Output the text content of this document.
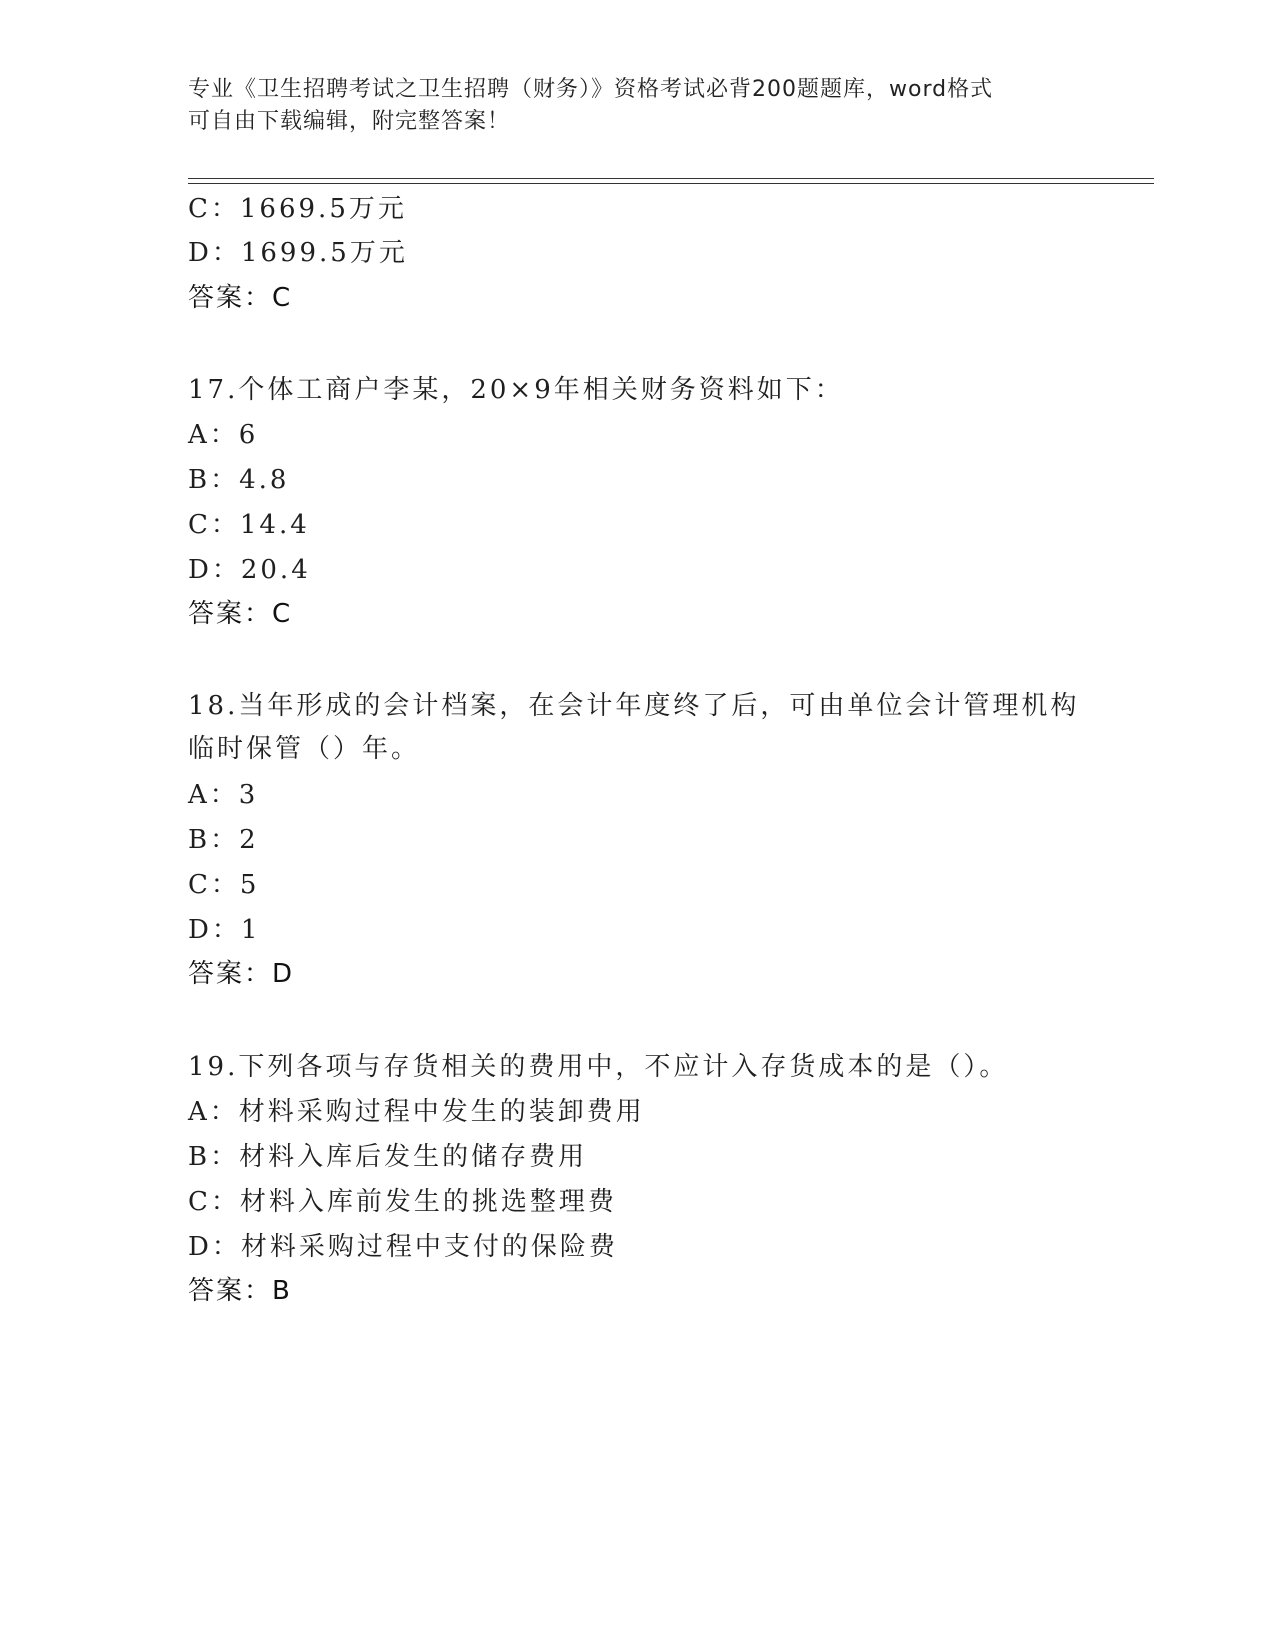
专业《卫生招聘考试之卫生招聘（财务）》资格考试必背200题题库，word格式
可自由下载编辑，附完整答案！
C：1669.5万元
D：1699.5万元
答案：C
17.个体工商户李某，20×9年相关财务资料如下：
A：6
B：4.8
C：14.4
D：20.4
答案：C
18.当年形成的会计档案，在会计年度终了后，可由单位会计管理机构
临时保管（）年。
A：3
B：2
C：5
D：1
答案：D
19.下列各项与存货相关的费用中，不应计入存货成本的是（）。
A：材料采购过程中发生的装卸费用
B：材料入库后发生的储存费用
C：材料入库前发生的挑选整理费
D：材料采购过程中支付的保险费
答案：B
